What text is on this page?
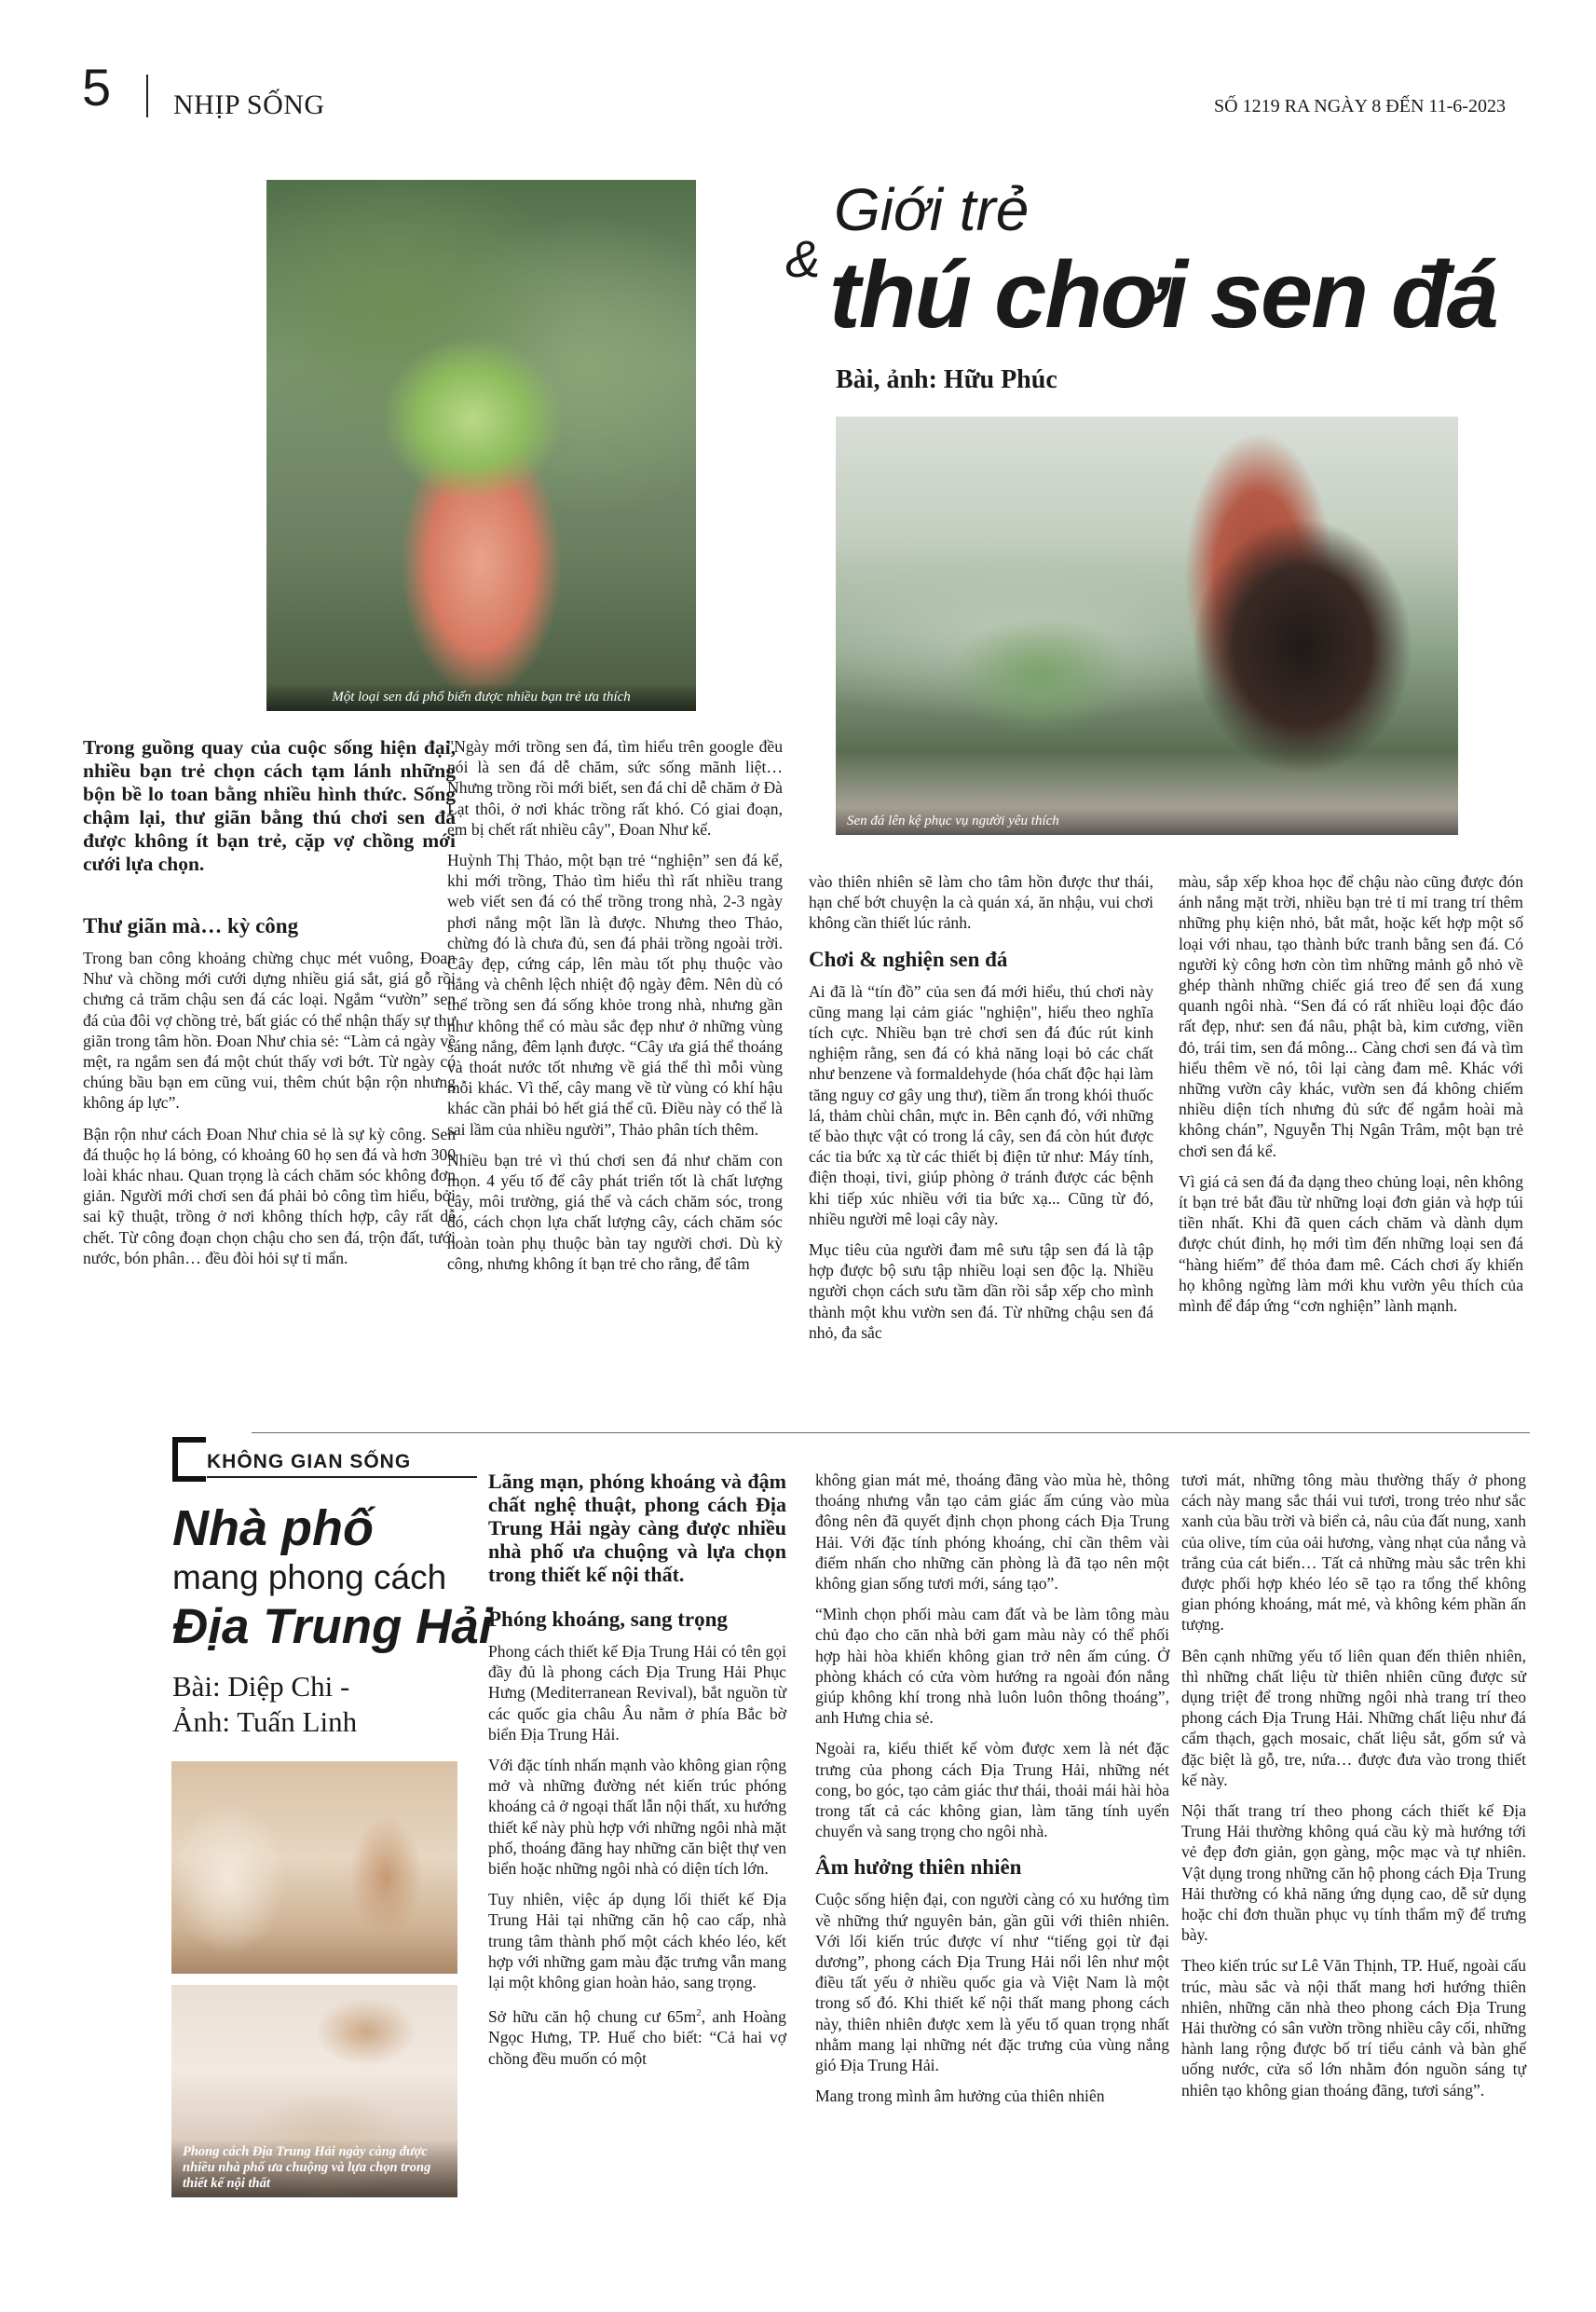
5 NHỊP SỐNG	SỐ 1219 RA NGÀY 8 ĐẾN 11-6-2023
Một loại sen đá phổ biến được nhiều bạn trẻ ưa thích
Giới trẻ
& thú chơi sen đá
Bài, ảnh: Hữu Phúc
Sen đá lên kệ phục vụ người yêu thích

Trong guồng quay của cuộc sống hiện đại, nhiều bạn trẻ chọn cách tạm lánh những bộn bề lo toan bằng nhiều hình thức. Sống chậm lại, thư giãn bằng thú chơi sen đá được không ít bạn trẻ, cặp vợ chồng mới cưới lựa chọn.

Thư giãn mà… kỳ công

Trong ban công khoảng chừng chục mét vuông, Đoan Như và chồng mới cưới dựng nhiều giá sắt, giá gỗ rồi chưng cả trăm chậu sen đá các loại. Ngắm “vườn” sen đá của đôi vợ chồng trẻ, bất giác có thể nhận thấy sự thư giãn trong tâm hồn. Đoan Như chia sẻ: “Làm cả ngày về mệt, ra ngắm sen đá một chút thấy vơi bớt. Từ ngày có chúng bầu bạn em cũng vui, thêm chút bận rộn nhưng không áp lực”.

Bận rộn như cách Đoan Như chia sẻ là sự kỳ công. Sen đá thuộc họ lá bỏng, có khoảng 60 họ sen đá và hơn 300 loài khác nhau. Quan trọng là cách chăm sóc không đơn giản. Người mới chơi sen đá phải bỏ công tìm hiểu, bởi sai kỹ thuật, trồng ở nơi không thích hợp, cây rất dễ chết. Từ công đoạn chọn chậu cho sen đá, trộn đất, tưới nước, bón phân… đều đòi hỏi sự tỉ mẩn.

"Ngày mới trồng sen đá, tìm hiểu trên google đều nói là sen đá dễ chăm, sức sống mãnh liệt… Nhưng trồng rồi mới biết, sen đá chỉ dễ chăm ở Đà Lạt thôi, ở nơi khác trồng rất khó. Có giai đoạn, em bị chết rất nhiều cây", Đoan Như kể.

Huỳnh Thị Thảo, một bạn trẻ “nghiện” sen đá kể, khi mới trồng, Thảo tìm hiểu thì rất nhiều trang web viết sen đá có thể trồng trong nhà, 2-3 ngày phơi nắng một lần là được. Nhưng theo Thảo, chừng đó là chưa đủ, sen đá phải trồng ngoài trời. Cây đẹp, cứng cáp, lên màu tốt phụ thuộc vào nắng và chênh lệch nhiệt độ ngày đêm. Nên dù có thể trồng sen đá sống khỏe trong nhà, nhưng gần như không thể có màu sắc đẹp như ở những vùng sáng nắng, đêm lạnh được. “Cây ưa giá thể thoáng và thoát nước tốt nhưng về giá thể thì mỗi vùng mỗi khác. Vì thế, cây mang về từ vùng có khí hậu khác cần phải bỏ hết giá thể cũ. Điều này có thể là sai lầm của nhiều người”, Thảo phân tích thêm.

Nhiều bạn trẻ vì thú chơi sen đá như chăm con mọn. 4 yếu tố để cây phát triển tốt là chất lượng cây, môi trường, giá thể và cách chăm sóc, trong đó, cách chọn lựa chất lượng cây, cách chăm sóc hoàn toàn phụ thuộc bàn tay người chơi. Dù kỳ công, nhưng không ít bạn trẻ cho rằng, để tâm

vào thiên nhiên sẽ làm cho tâm hồn được thư thái, hạn chế bớt chuyện la cà quán xá, ăn nhậu, vui chơi không cần thiết lúc rảnh.

Chơi & nghiện sen đá

Ai đã là “tín đồ” của sen đá mới hiểu, thú chơi này cũng mang lại cảm giác "nghiện", hiểu theo nghĩa tích cực. Nhiều bạn trẻ chơi sen đá đúc rút kinh nghiệm rằng, sen đá có khả năng loại bỏ các chất như benzene và formaldehyde (hóa chất độc hại làm tăng nguy cơ gây ung thư), tiềm ẩn trong khói thuốc lá, thảm chùi chân, mực in. Bên cạnh đó, với những tế bào thực vật có trong lá cây, sen đá còn hút được các tia bức xạ từ các thiết bị điện tử như: Máy tính, điện thoại, tivi, giúp phòng ở tránh được các bệnh khi tiếp xúc nhiều với tia bức xạ... Cũng từ đó, nhiều người mê loại cây này.

Mục tiêu của người đam mê sưu tập sen đá là tập hợp được bộ sưu tập nhiều loại sen độc lạ. Nhiều người chọn cách sưu tầm dần rồi sắp xếp cho mình thành một khu vườn sen đá. Từ những chậu sen đá nhỏ, đa sắc

màu, sắp xếp khoa học để chậu nào cũng được đón ánh nắng mặt trời, nhiều bạn trẻ tỉ mỉ trang trí thêm những phụ kiện nhỏ, bắt mắt, hoặc kết hợp một số loại với nhau, tạo thành bức tranh bằng sen đá. Có người kỳ công hơn còn tìm những mảnh gỗ nhỏ về ghép thành những chiếc giá treo để sen đá xung quanh ngôi nhà. “Sen đá có rất nhiều loại độc đáo rất đẹp, như: sen đá nâu, phật bà, kim cương, viền đỏ, trái tim, sen đá mông... Càng chơi sen đá và tìm hiểu thêm về nó, tôi lại càng đam mê. Khác với những vườn cây khác, vườn sen đá không chiếm nhiều diện tích nhưng đủ sức để ngắm hoài mà không chán”, Nguyễn Thị Ngân Trâm, một bạn trẻ chơi sen đá kể.

Vì giá cả sen đá đa dạng theo chủng loại, nên không ít bạn trẻ bắt đầu từ những loại đơn giản và hợp túi tiền nhất. Khi đã quen cách chăm và dành dụm được chút đỉnh, họ mới tìm đến những loại sen đá “hàng hiếm” để thỏa đam mê. Cách chơi ấy khiến họ không ngừng làm mới khu vườn yêu thích của mình để đáp ứng “cơn nghiện” lành mạnh.

KHÔNG GIAN SỐNG
Nhà phố
mang phong cách
Địa Trung Hải
Bài: Diệp Chi -
Ảnh: Tuấn Linh
Phong cách Địa Trung Hải ngày càng được nhiều nhà phố ưa chuộng và lựa chọn trong thiết kế nội thất

Lãng mạn, phóng khoáng và đậm chất nghệ thuật, phong cách Địa Trung Hải ngày càng được nhiều nhà phố ưa chuộng và lựa chọn trong thiết kế nội thất.

Phóng khoáng, sang trọng

Phong cách thiết kế Địa Trung Hải có tên gọi đầy đủ là phong cách Địa Trung Hải Phục Hưng (Mediterranean Revival), bắt nguồn từ các quốc gia châu Âu nằm ở phía Bắc bờ biển Địa Trung Hải.

Với đặc tính nhấn mạnh vào không gian rộng mở và những đường nét kiến trúc phóng khoáng cả ở ngoại thất lẫn nội thất, xu hướng thiết kế này phù hợp với những ngôi nhà mặt phố, thoáng đãng hay những căn biệt thự ven biển hoặc những ngôi nhà có diện tích lớn.

Tuy nhiên, việc áp dụng lối thiết kế Địa Trung Hải tại những căn hộ cao cấp, nhà trung tâm thành phố một cách khéo léo, kết hợp với những gam màu đặc trưng vẫn mang lại một không gian hoàn hảo, sang trọng.

Sở hữu căn hộ chung cư $65m^2$, anh Hoàng Ngọc Hưng, TP. Huế cho biết: “Cả hai vợ chồng đều muốn có một

không gian mát mẻ, thoáng đãng vào mùa hè, thông thoáng nhưng vẫn tạo cảm giác ấm cúng vào mùa đông nên đã quyết định chọn phong cách Địa Trung Hải. Với đặc tính phóng khoáng, chỉ cần thêm vài điểm nhấn cho những căn phòng là đã tạo nên một không gian sống tươi mới, sáng tạo”.

“Mình chọn phối màu cam đất và be làm tông màu chủ đạo cho căn nhà bởi gam màu này có thể phối hợp hài hòa khiến không gian trở nên ấm cúng. Ở phòng khách có cửa vòm hướng ra ngoài đón nắng giúp không khí trong nhà luôn luôn thông thoáng”, anh Hưng chia sẻ.

Ngoài ra, kiểu thiết kế vòm được xem là nét đặc trưng của phong cách Địa Trung Hải, những nét cong, bo góc, tạo cảm giác thư thái, thoải mái hài hòa trong tất cả các không gian, làm tăng tính uyển chuyển và sang trọng cho ngôi nhà.

Âm hưởng thiên nhiên

Cuộc sống hiện đại, con người càng có xu hướng tìm về những thứ nguyên bản, gần gũi với thiên nhiên. Với lối kiến trúc được ví như “tiếng gọi từ đại dương”, phong cách Địa Trung Hải nổi lên như một điều tất yếu ở nhiều quốc gia và Việt Nam là một trong số đó. Khi thiết kế nội thất mang phong cách này, thiên nhiên được xem là yếu tố quan trọng nhất nhằm mang lại những nét đặc trưng của vùng nắng gió Địa Trung Hải.

Mang trong mình âm hưởng của thiên nhiên

tươi mát, những tông màu thường thấy ở phong cách này mang sắc thái vui tươi, trong trẻo như sắc xanh của bầu trời và biển cả, nâu của đất nung, xanh của olive, tím của oải hương, vàng nhạt của nắng và trắng của cát biển… Tất cả những màu sắc trên khi được phối hợp khéo léo sẽ tạo ra tổng thể không gian phóng khoáng, mát mẻ, và không kém phần ấn tượng.

Bên cạnh những yếu tố liên quan đến thiên nhiên, thì những chất liệu từ thiên nhiên cũng được sử dụng triệt để trong những ngôi nhà trang trí theo phong cách Địa Trung Hải. Những chất liệu như đá cẩm thạch, gạch mosaic, chất liệu sắt, gốm sứ và đặc biệt là gỗ, tre, nứa… được đưa vào trong thiết kế này.

Nội thất trang trí theo phong cách thiết kế Địa Trung Hải thường không quá cầu kỳ mà hướng tới vẻ đẹp đơn giản, gọn gàng, mộc mạc và tự nhiên. Vật dụng trong những căn hộ phong cách Địa Trung Hải thường có khả năng ứng dụng cao, dễ sử dụng hoặc chỉ đơn thuần phục vụ tính thẩm mỹ để trưng bày.

Theo kiến trúc sư Lê Văn Thịnh, TP. Huế, ngoài cấu trúc, màu sắc và nội thất mang hơi hướng thiên nhiên, những căn nhà theo phong cách Địa Trung Hải thường có sân vườn trồng nhiều cây cối, những hành lang rộng được bố trí tiểu cảnh và bàn ghế uống nước, cửa sổ lớn nhằm đón nguồn sáng tự nhiên tạo không gian thoáng đãng, tươi sáng”.
